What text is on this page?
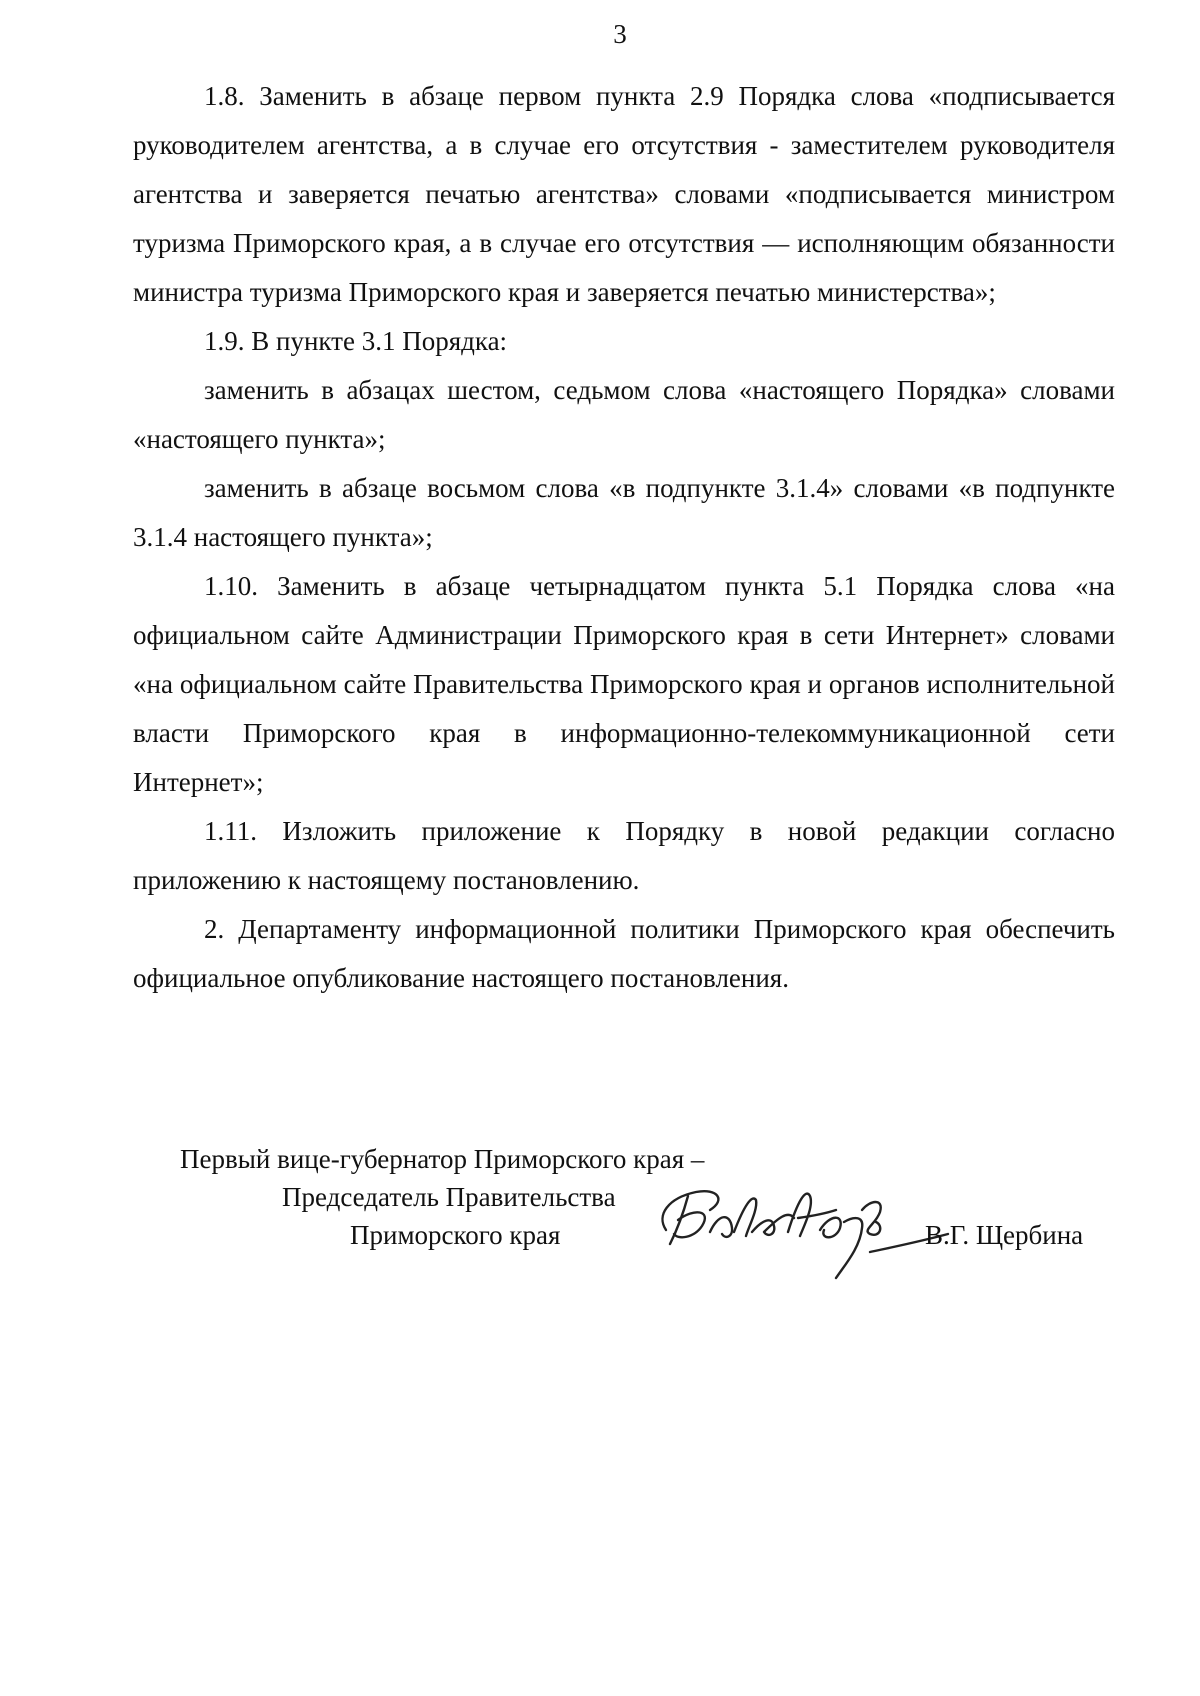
3

1.8. Заменить в абзаце первом пункта 2.9 Порядка слова «подписывается руководителем агентства, а в случае его отсутствия - заместителем руководителя агентства и заверяется печатью агентства» словами «подписывается министром туризма Приморского края, а в случае его отсутствия — исполняющим обязанности министра туризма Приморского края и заверяется печатью министерства»;

1.9. В пункте 3.1 Порядка:

заменить в абзацах шестом, седьмом слова «настоящего Порядка» словами «настоящего пункта»;

заменить в абзаце восьмом слова «в подпункте 3.1.4» словами «в подпункте 3.1.4 настоящего пункта»;

1.10. Заменить в абзаце четырнадцатом пункта 5.1 Порядка слова «на официальном сайте Администрации Приморского края в сети Интернет» словами «на официальном сайте Правительства Приморского края и органов исполнительной власти Приморского края в информационно-телекоммуникационной сети Интернет»;

1.11. Изложить приложение к Порядку в новой редакции согласно приложению к настоящему постановлению.

2. Департаменту информационной политики Приморского края обеспечить официальное опубликование настоящего постановления.

Первый вице-губернатор Приморского края –
Председатель Правительства
Приморского края	В.Г. Щербина
